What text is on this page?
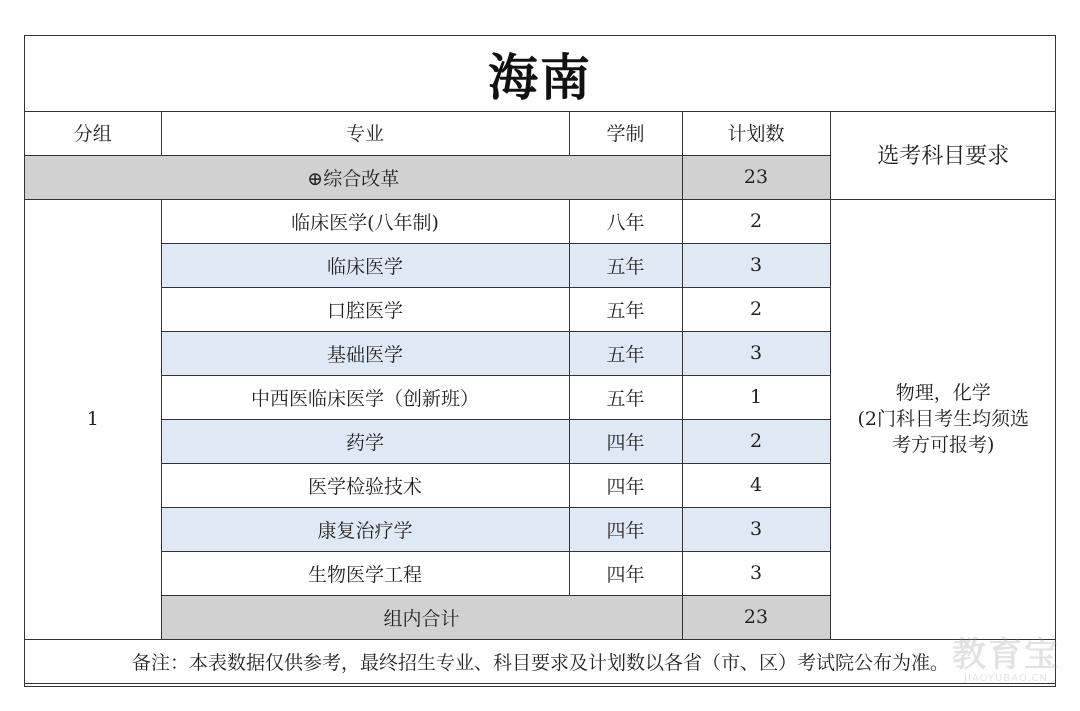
海南
分组	专业	学制	计划数	选考科目要求
⊕综合改革			23	
1	临床医学(八年制)	八年	2	物理，化学
(2门科目考生均须选
考方可报考)

	临床医学	五年	3	
	口腔医学	五年	2	
	基础医学	五年	3	
	中西医临床医学（创新班）	五年	1	
	药学	四年	2	
	医学检验技术	四年	4	
	康复治疗学	四年	3	
	生物医学工程	四年	3	
	组内合计		23	
备注：本表数据仅供参考，最终招生专业、科目要求及计划数以各省（市、区）考试院公布为准。				教育宝
JIAOYUBAO.CN
